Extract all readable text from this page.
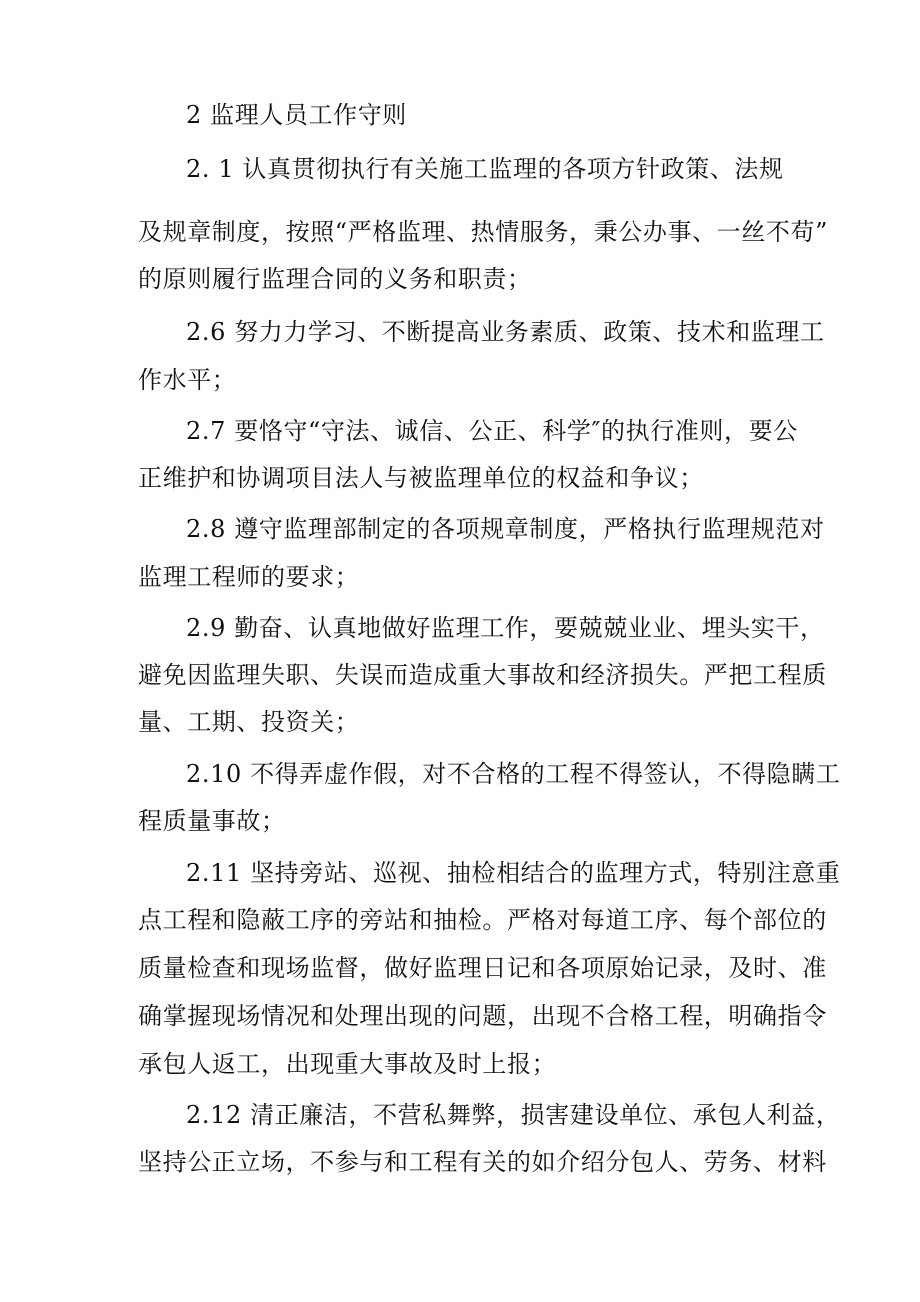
2 监理人员工作守则
2. 1 认真贯彻执行有关施工监理的各项方针政策、法规
及规章制度，按照“严格监理、热情服务，秉公办事、一丝不苟”
的原则履行监理合同的义务和职责；
2.6 努力力学习、不断提高业务素质、政策、技术和监理工
作水平；
2.7 要恪守“守法、诚信、公正、科学″的执行准则，要公
正维护和协调项目法人与被监理单位的权益和争议；
2.8 遵守监理部制定的各项规章制度，严格执行监理规范对
监理工程师的要求；
2.9 勤奋、认真地做好监理工作，要兢兢业业、埋头实干，
避免因监理失职、失误而造成重大事故和经济损失。严把工程质
量、工期、投资关；
2.10 不得弄虚作假，对不合格的工程不得签认，不得隐瞒工
程质量事故；
2.11 坚持旁站、巡视、抽检相结合的监理方式，特别注意重
点工程和隐蔽工序的旁站和抽检。严格对每道工序、每个部位的
质量检查和现场监督，做好监理日记和各项原始记录，及时、准
确掌握现场情况和处理出现的问题，出现不合格工程，明确指令
承包人返工，出现重大事故及时上报；
2.12 清正廉洁，不营私舞弊，损害建设单位、承包人利益，
坚持公正立场，不参与和工程有关的如介绍分包人、劳务、材料
